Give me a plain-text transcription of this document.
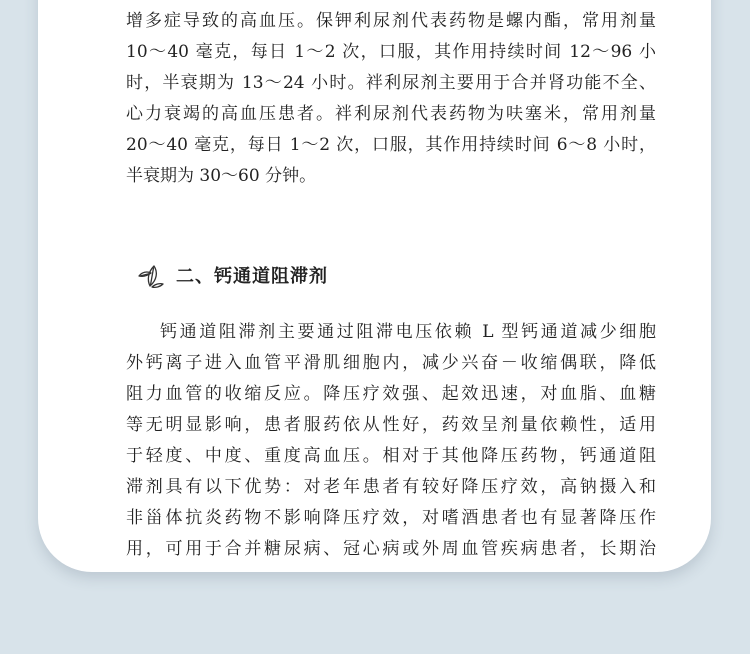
增多症导致的高血压。保钾利尿剂代表药物是螺内酯，常用剂量
10～40 毫克，每日 1～2 次，口服，其作用持续时间 12～96 小
时，半衰期为 13～24 小时。袢利尿剂主要用于合并肾功能不全、
心力衰竭的高血压患者。袢利尿剂代表药物为呋塞米，常用剂量
20～40 毫克，每日 1～2 次，口服，其作用持续时间 6～8 小时，
半衰期为 30～60 分钟。
二、钙通道阻滞剂
钙通道阻滞剂主要通过阻滞电压依赖 L 型钙通道减少细胞
外钙离子进入血管平滑肌细胞内，减少兴奋－收缩偶联，降低
阻力血管的收缩反应。降压疗效强、起效迅速，对血脂、血糖
等无明显影响，患者服药依从性好，药效呈剂量依赖性，适用
于轻度、中度、重度高血压。相对于其他降压药物，钙通道阻
滞剂具有以下优势：对老年患者有较好降压疗效，高钠摄入和
非甾体抗炎药物不影响降压疗效，对嗜酒患者也有显著降压作
用，可用于合并糖尿病、冠心病或外周血管疾病患者，长期治
